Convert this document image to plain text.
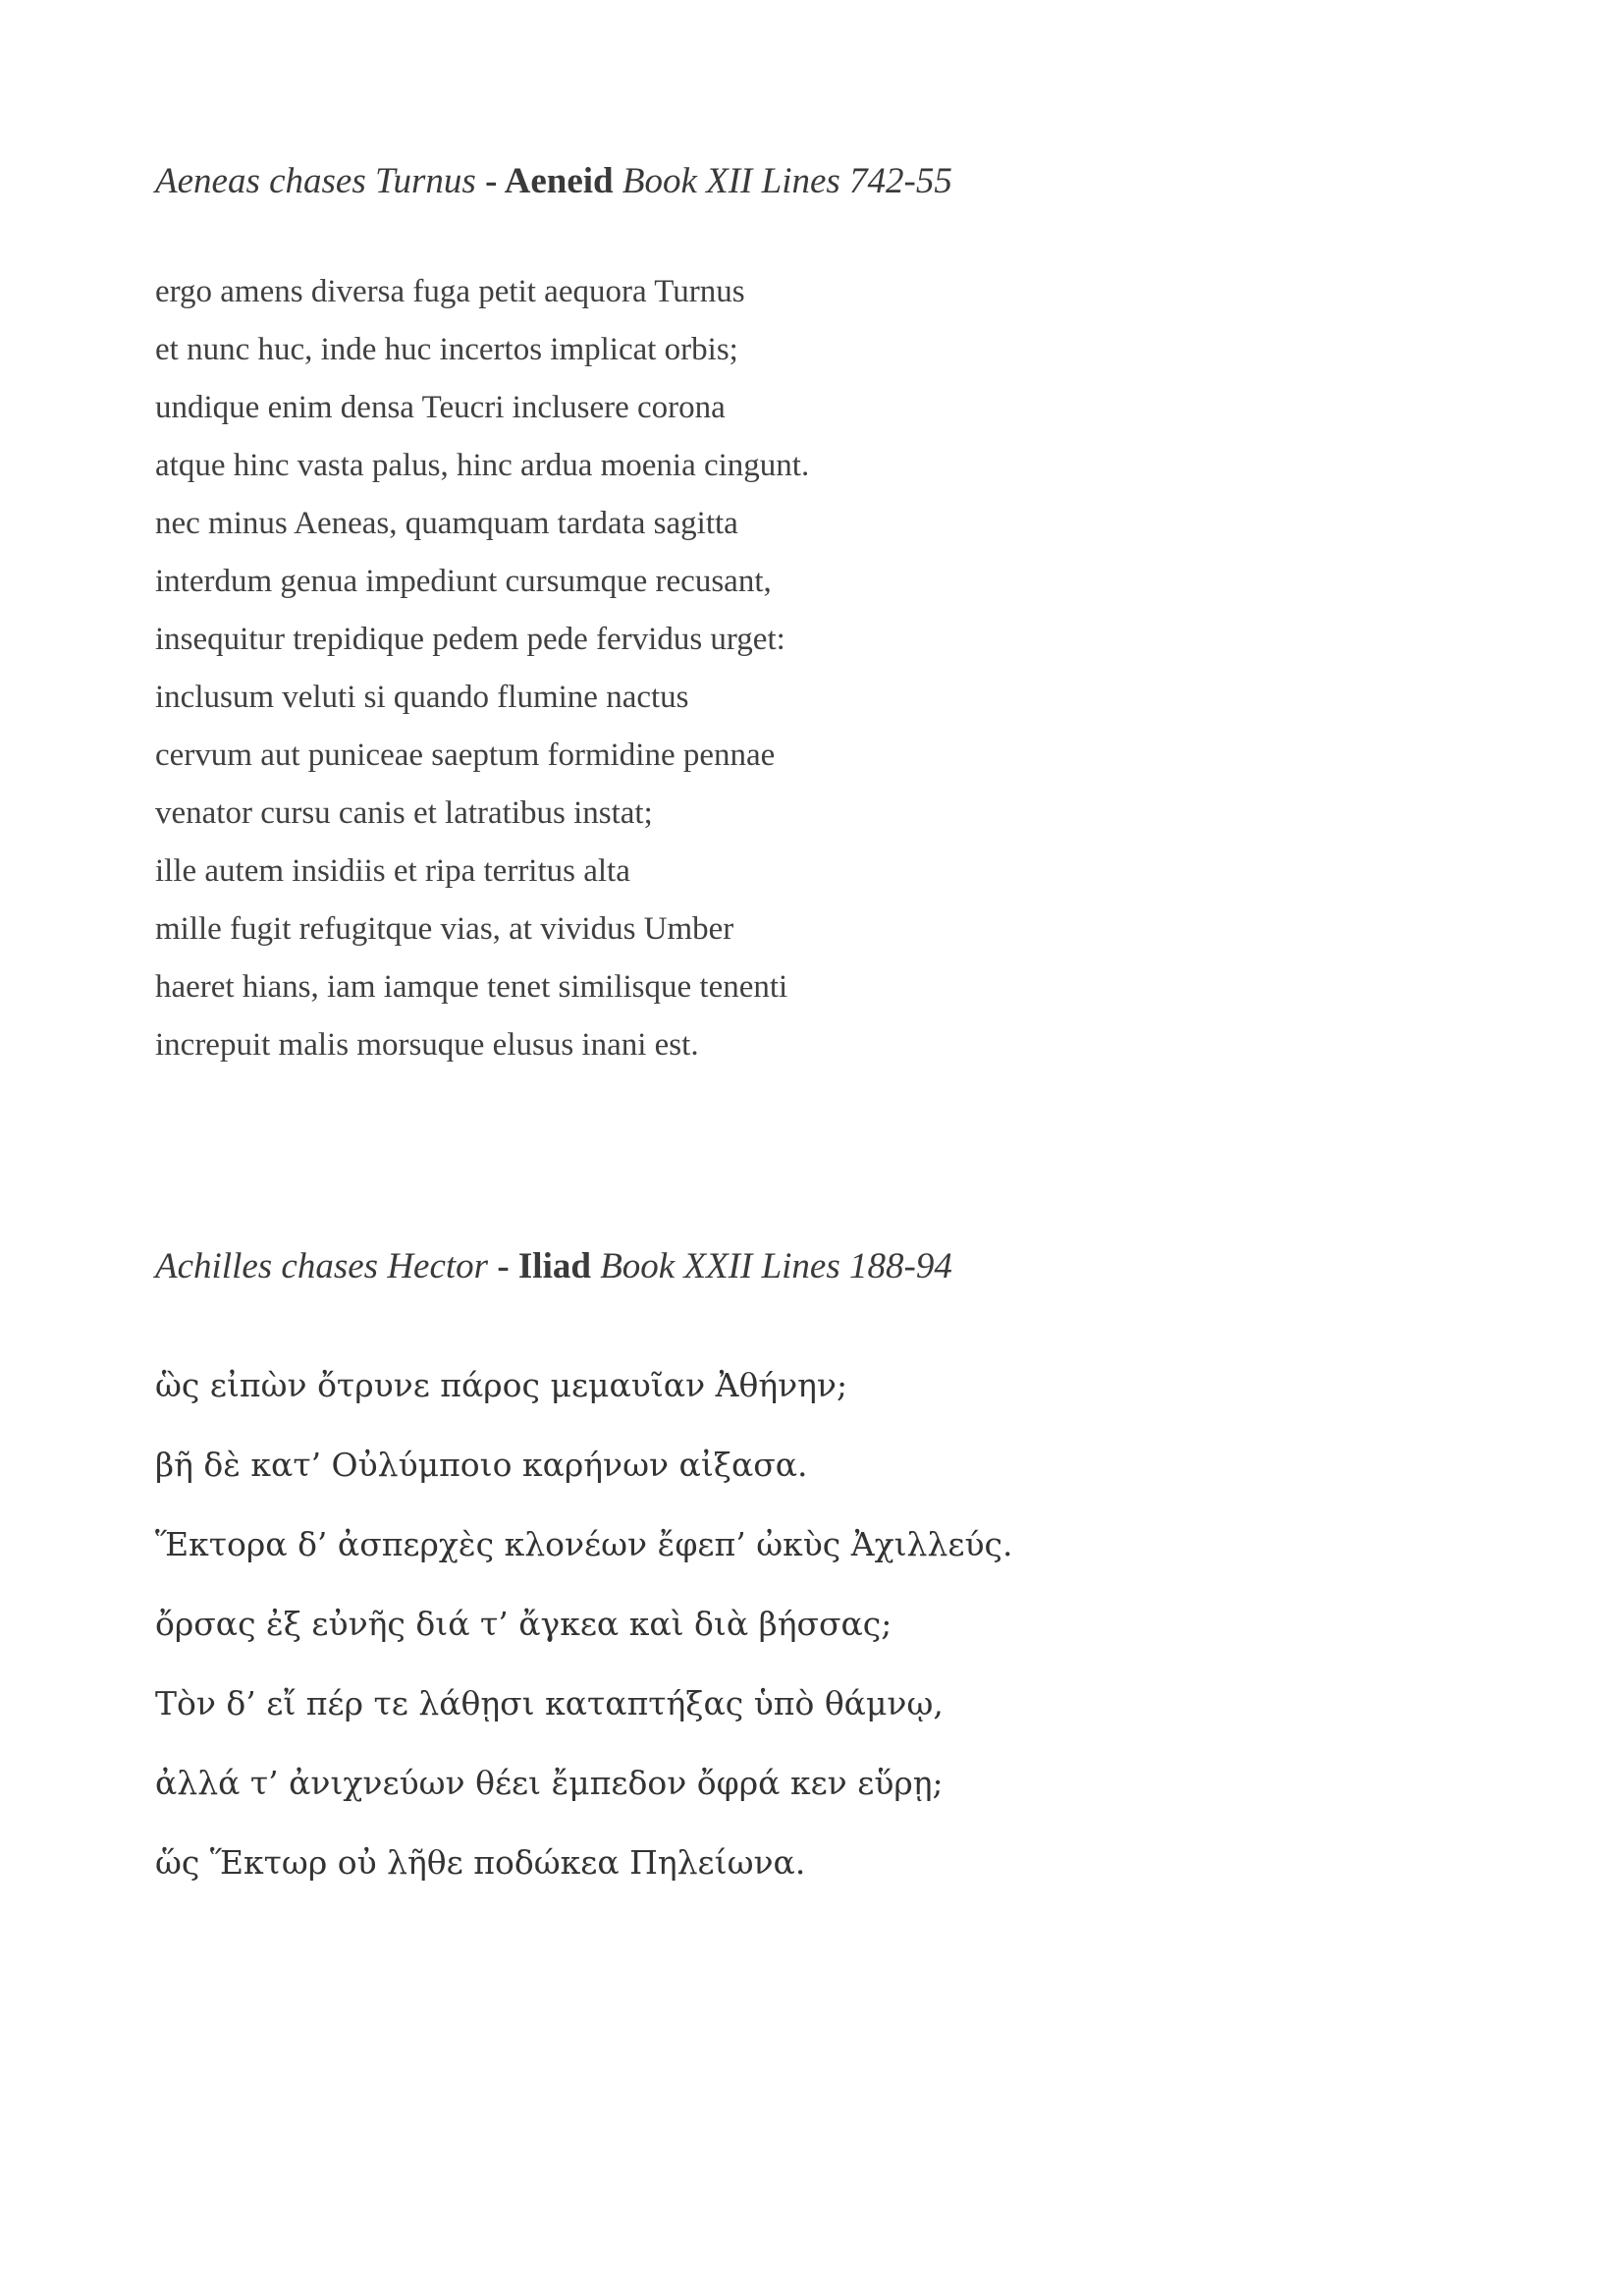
Aeneas chases Turnus - Aeneid Book XII Lines 742-55
ergo amens diversa fuga petit aequora Turnus
et nunc huc, inde huc incertos implicat orbis;
undique enim densa Teucri inclusere corona
atque hinc vasta palus, hinc ardua moenia cingunt.
nec minus Aeneas, quamquam tardata sagitta
interdum genua impediunt cursumque recusant,
insequitur trepidique pedem pede fervidus urget:
inclusum veluti si quando flumine nactus
cervum aut puniceae saeptum formidine pennae
venator cursu canis et latratibus instat;
ille autem insidiis et ripa territus alta
mille fugit refugitque vias, at vividus Umber
haeret hians, iam iamque tenet similisque tenenti
increpuit malis morsuque elusus inani est.
Achilles chases Hector - Iliad Book XXII Lines 188-94
ὣς εἰπὼν ὄτρυνε πάρος μεμαυῖαν Ἀθήνην;
βῆ δὲ κατ’ Οὐλύμποιο καρήνων αἰξασα.
Ἕκτορα δ’ ἀσπερχὲς κλονέων ἔφεπ’ ὠκὺς Ἀχιλλεύς.
ὄρσας ἐξ εὐνῆς διά τ’ ἄγκεα καὶ διὰ βήσσας;
Τὸν δ’ εἴ πέρ τε λάθῃσι καταπτήξας ὑπὸ θάμνῳ,
ἀλλά τ’ ἀνιχνεύων θέει ἔμπεδον ὄφρά κεν εὕρῃ;
ὥς Ἕκτωρ οὐ λῆθε ποδώκεα Πηλείωνα.
